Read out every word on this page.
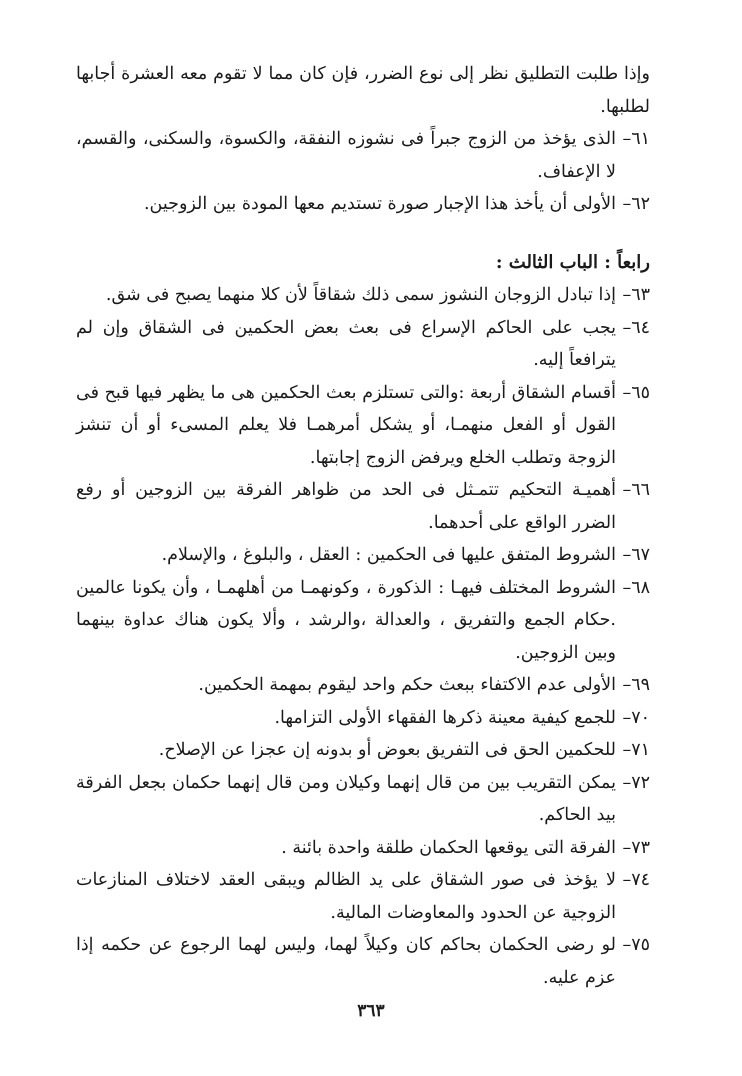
وإذا طلبت التطليق نظر إلى نوع الضرر، فإن كان مما لا تقوم معه العشرة أجابها لطلبها.

٦١–الذى يؤخذ من الزوج جبراً فى نشوزه النفقة، والكسوة، والسكنى، والقسم، لا الإعفاف.

٦٢–الأولى أن يأخذ هذا الإجبار صورة تستديم معها المودة بين الزوجين.

رابعاً : الباب الثالث :

٦٣–إذا تبادل الزوجان النشوز سمى ذلك شقاقاً لأن كلا منهما يصبح فى شق.

٦٤–يجب على الحاكم الإسراع فى بعث بعض الحكمين فى الشقاق وإن لم يترافعاً إليه.

٦٥–أقسام الشقاق أربعة :والتى تستلزم بعث الحكمين هى ما يظهر فيها قبح فى القول أو الفعل منهمـا، أو يشكل أمرهمـا فلا يعلم المسىء أو أن تنشز الزوجة وتطلب الخلع ويرفض الزوج إجابتها.

٦٦–أهميـة التحكيم تتمـثل فى الحد من ظواهر الفرقة بين الزوجين أو رفع الضرر الواقع على أحدهما.

٦٧–الشروط المتفق عليها فى الحكمين : العقل ، والبلوغ ، والإسلام.

٦٨–الشروط المختلف فيهـا : الذكورة ، وكونهمـا من أهلهمـا ، وأن يكونا عالمين .حكام الجمع والتفريق ، والعدالة ،والرشد ، وألا يكون هناك عداوة بينهما وبين الزوجين.

٦٩–الأولى عدم الاكتفاء ببعث حكم واحد ليقوم بمهمة الحكمين.

٧٠–للجمع كيفية معينة ذكرها الفقهاء الأولى التزامها.

٧١–للحكمين الحق فى التفريق بعوض أو بدونه إن عجزا عن الإصلاح.

٧٢–يمكن التقريب بين من قال إنهما وكيلان ومن قال إنهما حكمان بجعل الفرقة بيد الحاكم.

٧٣–الفرقة التى يوقعها الحكمان طلقة واحدة بائنة .

٧٤–لا يؤخذ فى صور الشقاق على يد الظالم ويبقى العقد لاختلاف المنازعات الزوجية عن الحدود والمعاوضات المالية.

٧٥–لو رضى الحكمان بحاكم كان وكيلاً لهما، وليس لهما الرجوع عن حكمه إذا عزم عليه.

٣٦٣
